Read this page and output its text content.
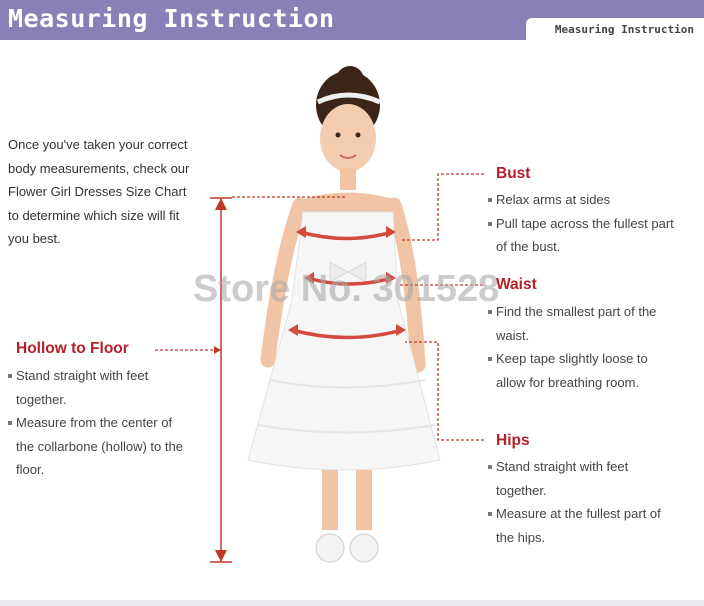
Measuring Instruction	Measuring Instruction
Store No. 301528
Once you've taken your correct body measurements, check our Flower Girl Dresses Size Chart to determine which size will fit you best.
Hollow to Floor
Stand straight with feet together.
Measure from the center of the collarbone (hollow) to the floor.
Bust
Relax arms at sides
Pull tape across the fullest part of the bust.
Waist
Find the smallest part of the waist.
Keep tape slightly loose to allow for breathing room.
Hips
Stand straight with feet together.
Measure at the fullest part of the hips.
